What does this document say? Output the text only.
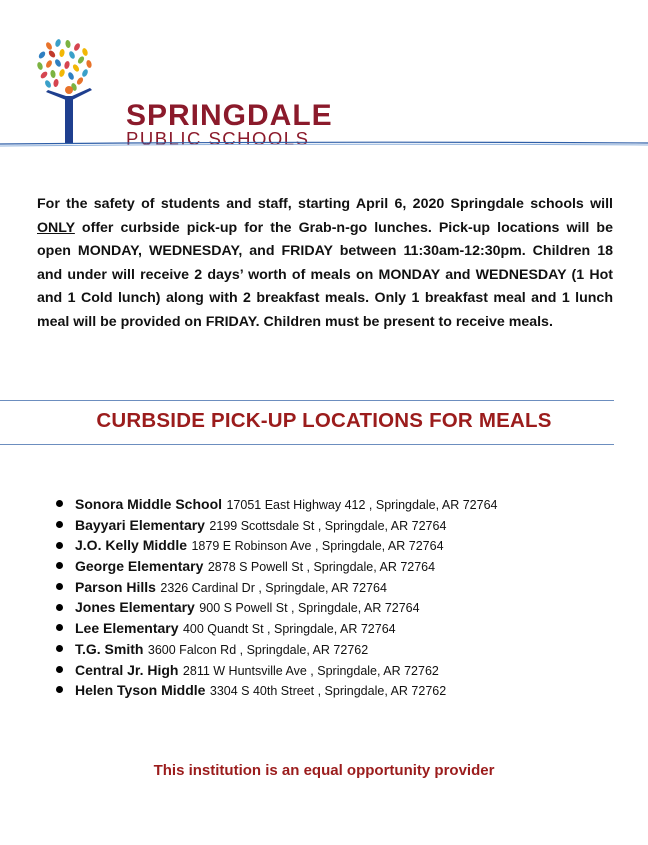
SPRINGDALE
PUBLIC SCHOOLS
For the safety of students and staff, starting April 6, 2020 Springdale schools will ONLY offer curbside pick-up for the Grab-n-go lunches. Pick-up locations will be open MONDAY, WEDNESDAY, and FRIDAY between 11:30am-12:30pm. Children 18 and under will receive 2 days’ worth of meals on MONDAY and WEDNESDAY (1 Hot and 1 Cold lunch) along with 2 breakfast meals. Only 1 breakfast meal and 1 lunch meal will be provided on FRIDAY. Children must be present to receive meals.
CURBSIDE PICK-UP LOCATIONS FOR MEALS
Sonora Middle School 17051 East Highway 412 , Springdale, AR 72764
Bayyari Elementary 2199 Scottsdale St , Springdale, AR 72764
J.O. Kelly Middle 1879 E Robinson Ave , Springdale, AR 72764
George Elementary 2878 S Powell St , Springdale, AR 72764
Parson Hills 2326 Cardinal Dr , Springdale, AR 72764
Jones Elementary 900 S Powell St , Springdale, AR 72764
Lee Elementary 400 Quandt St , Springdale, AR 72764
T.G. Smith 3600 Falcon Rd , Springdale, AR 72762
Central Jr. High 2811 W Huntsville Ave , Springdale, AR 72762
Helen Tyson Middle 3304 S 40th Street , Springdale, AR 72762
This institution is an equal opportunity provider
